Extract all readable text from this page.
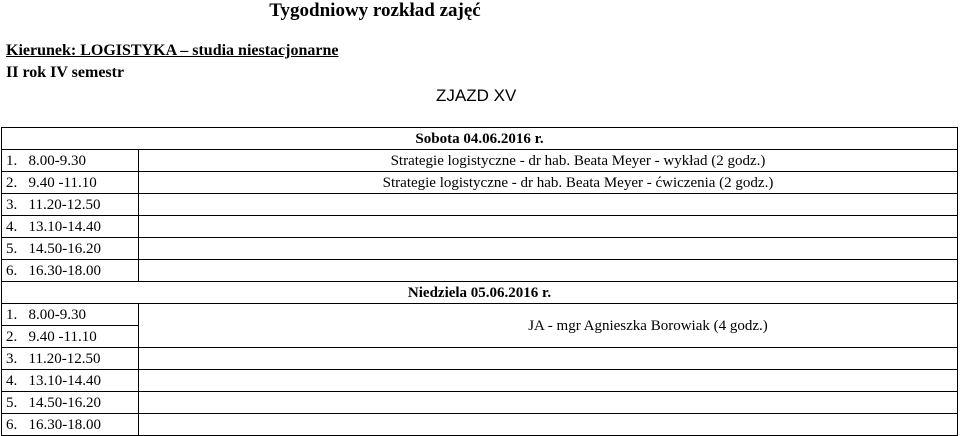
Tygodniowy rozkład zajęć
Kierunek: LOGISTYKA – studia niestacjonarne
II rok IV semestr
ZJAZD XV
Sobota 04.06.2016 r.	
1. 8.00-9.30	Strategie logistyczne - dr hab. Beata Meyer - wykład (2 godz.)
2. 9.40 -11.10	Strategie logistyczne - dr hab. Beata Meyer - ćwiczenia (2 godz.)
3. 11.20-12.50	
4. 13.10-14.40	
5. 14.50-16.20	
6. 16.30-18.00	
Niedziela 05.06.2016 r.	
1. 8.00-9.30	JA - mgr Agnieszka Borowiak (4 godz.)
2. 9.40 -11.10	
3. 11.20-12.50	
4. 13.10-14.40	
5. 14.50-16.20	
6. 16.30-18.00	
